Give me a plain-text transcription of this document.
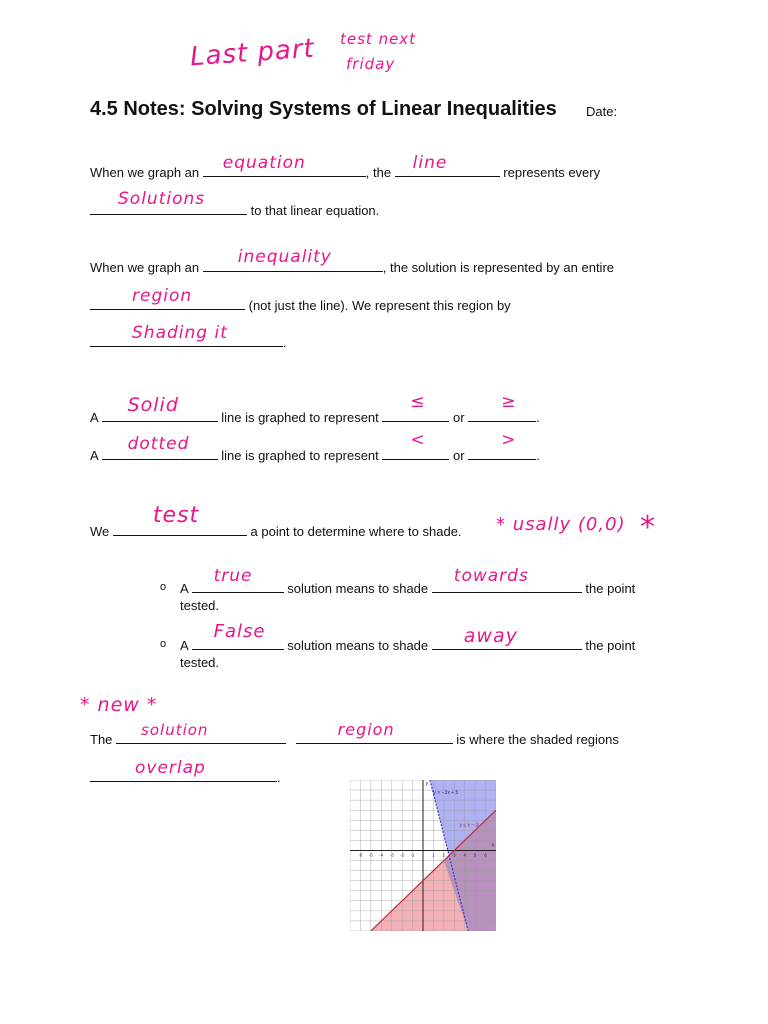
Last part test next
friday
4.5 Notes: Solving Systems of Linear Inequalities Date:
When we graph an equation	, the line	represents every
Solutions
to that linear equation.
When we graph an
inequality
, the solution is represented by an entire
region	(not just the line). We represent this region by
Shading it	.
A
Solid
line is graphed to represent
≤
or
≥
.
A
dotted
line is graphed to represent
<
or
>
.
We
test
a point to determine where to shade. * usally (0,0) *
o A
true
solution means to shade
towards
the point
tested.
o A
False
solution means to shade away	the point
tested.
* new *
The
solution
	region
is where the shaded regions
overlap	.
-6 -5 -4 -3 -2 -1	1 2 3 4 5 6
x
y
y > −3x + 5
y ≤ x − 3
